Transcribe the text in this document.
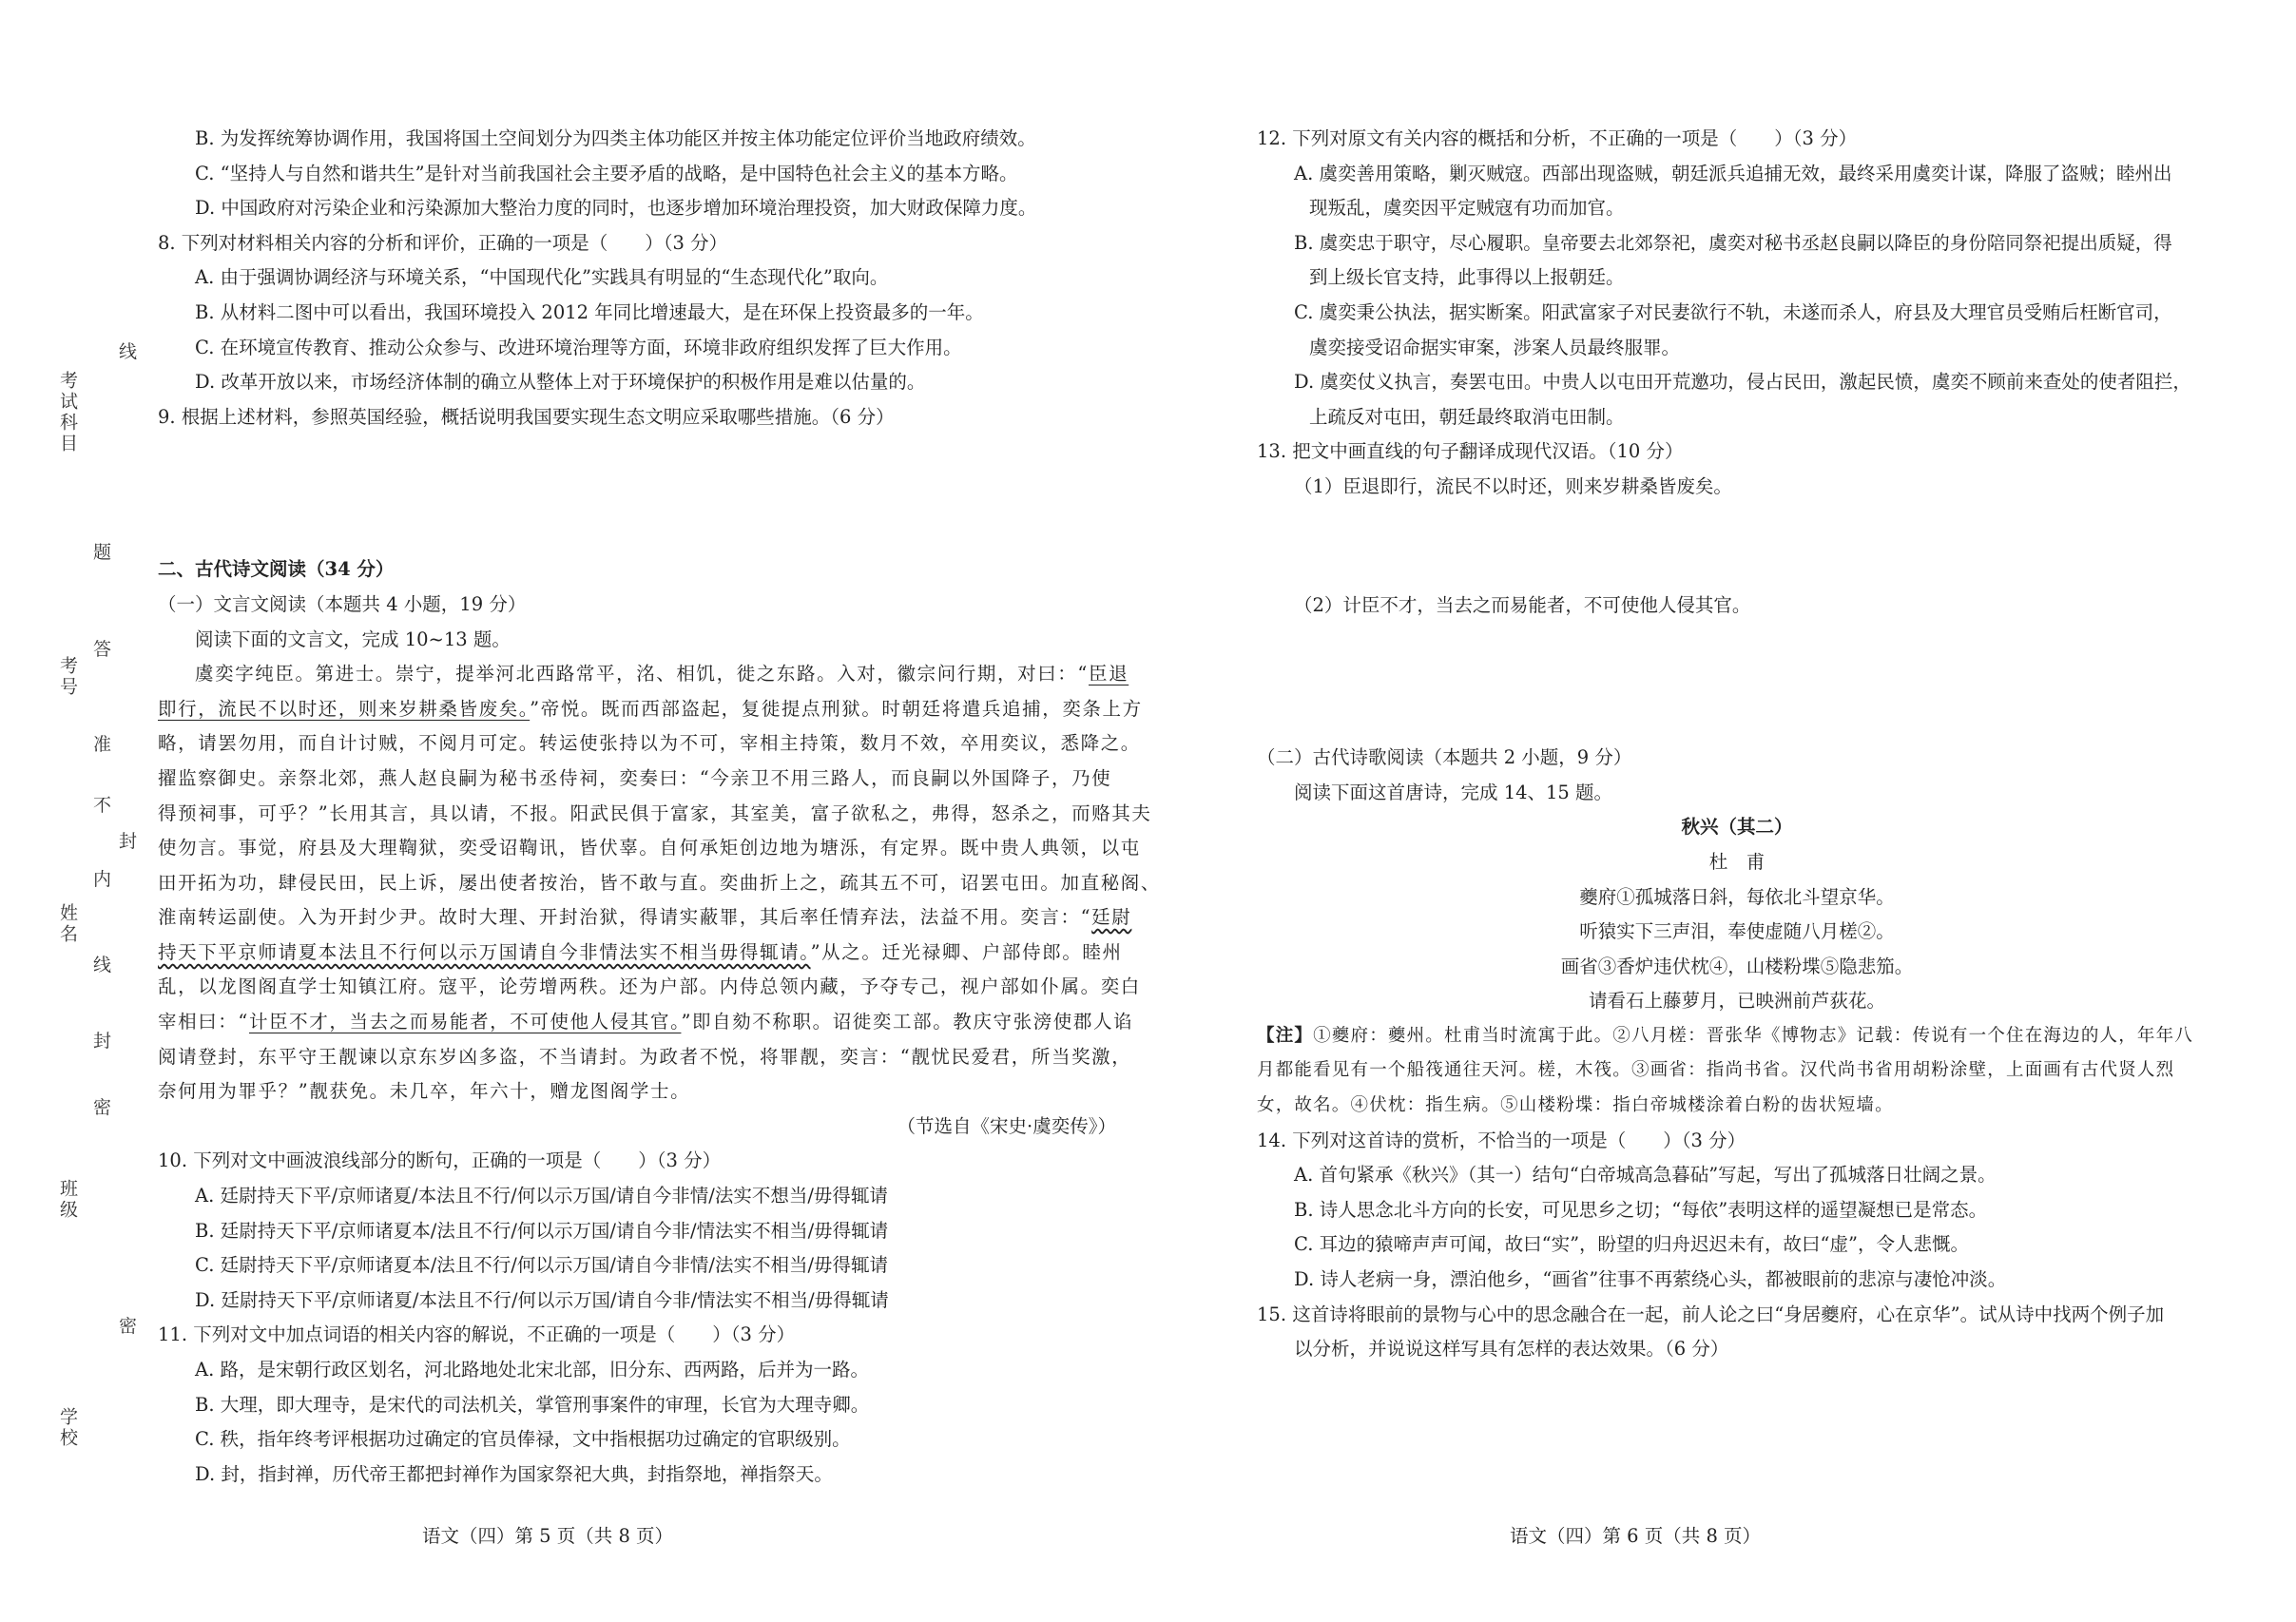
考试科目
考号
姓名
班级
学校
线
题
答
准
不
封
内
线
封
密
密

B. 为发挥统筹协调作用，我国将国土空间划分为四类主体功能区并按主体功能定位评价当地政府绩效。

C. “坚持人与自然和谐共生”是针对当前我国社会主要矛盾的战略，是中国特色社会主义的基本方略。

D. 中国政府对污染企业和污染源加大整治力度的同时，也逐步增加环境治理投资，加大财政保障力度。

8. 下列对材料相关内容的分析和评价，正确的一项是（　　）（3 分）

A. 由于强调协调经济与环境关系，“中国现代化”实践具有明显的“生态现代化”取向。

B. 从材料二图中可以看出，我国环境投入 2012 年同比增速最大，是在环保上投资最多的一年。

C. 在环境宣传教育、推动公众参与、改进环境治理等方面，环境非政府组织发挥了巨大作用。

D. 改革开放以来，市场经济体制的确立从整体上对于环境保护的积极作用是难以估量的。

9. 根据上述材料，参照英国经验，概括说明我国要实现生态文明应采取哪些措施。（6 分）

二、古代诗文阅读（34 分）

（一）文言文阅读（本题共 4 小题，19 分）

阅读下面的文言文，完成 10~13 题。

虞奕字纯臣。第进士。崇宁，提举河北西路常平，洺、相饥，徙之东路。入对，徽宗问行期，对曰：“臣退

即行，流民不以时还，则来岁耕桑皆废矣。”帝悦。既而西部盗起，复徙提点刑狱。时朝廷将遣兵追捕，奕条上方

略，请罢勿用，而自计讨贼，不阅月可定。转运使张持以为不可，宰相主持策，数月不效，卒用奕议，悉降之。

擢监察御史。亲祭北郊，燕人赵良嗣为秘书丞侍祠，奕奏曰：“今亲卫不用三路人，而良嗣以外国降子，乃使

得预祠事，可乎？”长用其言，具以请，不报。阳武民俱于富家，其室美，富子欲私之，弗得，怒杀之，而赂其夫

使勿言。事觉，府县及大理鞫狱，奕受诏鞫讯，皆伏辜。自何承矩创边地为塘泺，有定界。既中贵人典领，以屯

田开拓为功，肆侵民田，民上诉，屡出使者按治，皆不敢与直。奕曲折上之，疏其五不可，诏罢屯田。加直秘阁、

淮南转运副使。入为开封少尹。故时大理、开封治狱，得请实蔽罪，其后率任情弃法，法益不用。奕言：“廷尉

持天下平京师请夏本法且不行何以示万国请自今非情法实不相当毋得辄请。”从之。迁光禄卿、户部侍郎。睦州

乱，以龙图阁直学士知镇江府。寇平，论劳增两秩。还为户部。内侍总领内藏，予夺专己，视户部如仆属。奕白

宰相曰：“计臣不才，当去之而易能者，不可使他人侵其官。”即自劾不称职。诏徙奕工部。教庆守张滂使郡人谄

阅请登封，东平守王靓谏以京东岁凶多盗，不当请封。为政者不悦，将罪靓，奕言：“靓忧民爱君，所当奖激，

奈何用为罪乎？”靓获免。未几卒，年六十，赠龙图阁学士。

（节选自《宋史·虞奕传》）

10. 下列对文中画波浪线部分的断句，正确的一项是（　　）（3 分）

A. 廷尉持天下平/京师诸夏/本法且不行/何以示万国/请自今非情/法实不想当/毋得辄请

B. 廷尉持天下平/京师诸夏本/法且不行/何以示万国/请自今非/情法实不相当/毋得辄请

C. 廷尉持天下平/京师诸夏本/法且不行/何以示万国/请自今非情/法实不相当/毋得辄请

D. 廷尉持天下平/京师诸夏/本法且不行/何以示万国/请自今非/情法实不相当/毋得辄请

11. 下列对文中加点词语的相关内容的解说，不正确的一项是（　　）（3 分）

A. 路，是宋朝行政区划名，河北路地处北宋北部，旧分东、西两路，后并为一路。

B. 大理，即大理寺，是宋代的司法机关，掌管刑事案件的审理，长官为大理寺卿。

C. 秩，指年终考评根据功过确定的官员俸禄，文中指根据功过确定的官职级别。

D. 封，指封禅，历代帝王都把封禅作为国家祭祀大典，封指祭地，禅指祭天。

语文（四）第 5 页（共 8 页）

12. 下列对原文有关内容的概括和分析，不正确的一项是（　　）（3 分）

A. 虞奕善用策略，剿灭贼寇。西部出现盗贼，朝廷派兵追捕无效，最终采用虞奕计谋，降服了盗贼；睦州出

现叛乱，虞奕因平定贼寇有功而加官。

B. 虞奕忠于职守，尽心履职。皇帝要去北郊祭祀，虞奕对秘书丞赵良嗣以降臣的身份陪同祭祀提出质疑，得

到上级长官支持，此事得以上报朝廷。

C. 虞奕秉公执法，据实断案。阳武富家子对民妻欲行不轨，未遂而杀人，府县及大理官员受贿后枉断官司，

虞奕接受诏命据实审案，涉案人员最终服罪。

D. 虞奕仗义执言，奏罢屯田。中贵人以屯田开荒邀功，侵占民田，激起民愤，虞奕不顾前来查处的使者阻拦，

上疏反对屯田，朝廷最终取消屯田制。

13. 把文中画直线的句子翻译成现代汉语。（10 分）

（1）臣退即行，流民不以时还，则来岁耕桑皆废矣。

（2）计臣不才，当去之而易能者，不可使他人侵其官。

（二）古代诗歌阅读（本题共 2 小题，9 分）

阅读下面这首唐诗，完成 14、15 题。

秋兴（其二）

杜　甫

夔府①孤城落日斜，每依北斗望京华。

听猿实下三声泪，奉使虚随八月槎②。

画省③香炉违伏枕④，山楼粉堞⑤隐悲笳。

请看石上藤萝月，已映洲前芦荻花。

【注】①夔府：夔州。杜甫当时流寓于此。②八月槎：晋张华《博物志》记载：传说有一个住在海边的人，年年八

月都能看见有一个船筏通往天河。槎，木筏。③画省：指尚书省。汉代尚书省用胡粉涂壁，上面画有古代贤人烈

女，故名。④伏枕：指生病。⑤山楼粉堞：指白帝城楼涂着白粉的齿状短墙。

14. 下列对这首诗的赏析，不恰当的一项是（　　）（3 分）

A. 首句紧承《秋兴》（其一）结句“白帝城高急暮砧”写起，写出了孤城落日壮阔之景。

B. 诗人思念北斗方向的长安，可见思乡之切；“每依”表明这样的遥望凝想已是常态。

C. 耳边的猿啼声声可闻，故曰“实”，盼望的归舟迟迟未有，故曰“虚”，令人悲慨。

D. 诗人老病一身，漂泊他乡，“画省”往事不再萦绕心头，都被眼前的悲凉与凄怆冲淡。

15. 这首诗将眼前的景物与心中的思念融合在一起，前人论之曰“身居夔府，心在京华”。试从诗中找两个例子加

以分析，并说说这样写具有怎样的表达效果。（6 分）

语文（四）第 6 页（共 8 页）
